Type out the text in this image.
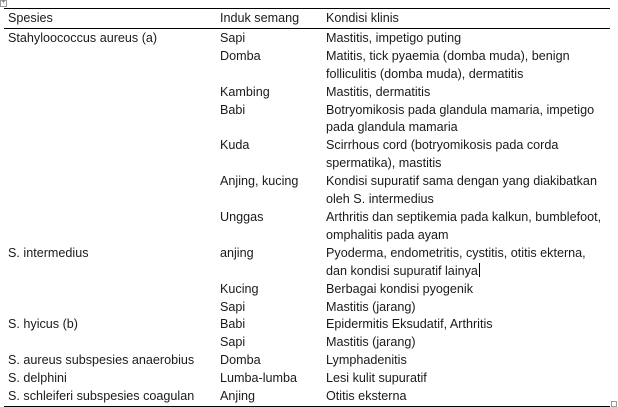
+
Spesies	Induk semang	Kondisi klinis
Stahyloococcus aureus (a)	Sapi	Mastitis, impetigo puting
	Domba	Matitis, tick pyaemia (domba muda), benign folliculitis (domba muda), dermatitis
	Kambing	Mastitis, dermatitis
	Babi	Botryomikosis pada glandula mamaria, impetigo pada glandula mamaria
	Kuda	Scirrhous cord (botryomikosis pada corda spermatika), mastitis
	Anjing, kucing	Kondisi supuratif sama dengan yang diakibatkan oleh S. intermedius
	Unggas	Arthritis dan septikemia pada kalkun, bumblefoot, omphalitis pada ayam
S. intermedius	anjing	Pyoderma, endometritis, cystitis, otitis ekterna, dan kondisi supuratif lainya
	Kucing	Berbagai kondisi pyogenik
	Sapi	Mastitis (jarang)
S. hyicus (b)	Babi	Epidermitis Eksudatif, Arthritis
	Sapi	Mastitis (jarang)
S. aureus subspesies anaerobius	Domba	Lymphadenitis
S. delphini	Lumba-lumba	Lesi kulit supuratif
S. schleiferi subspesies coagulan	Anjing	Otitis eksterna
